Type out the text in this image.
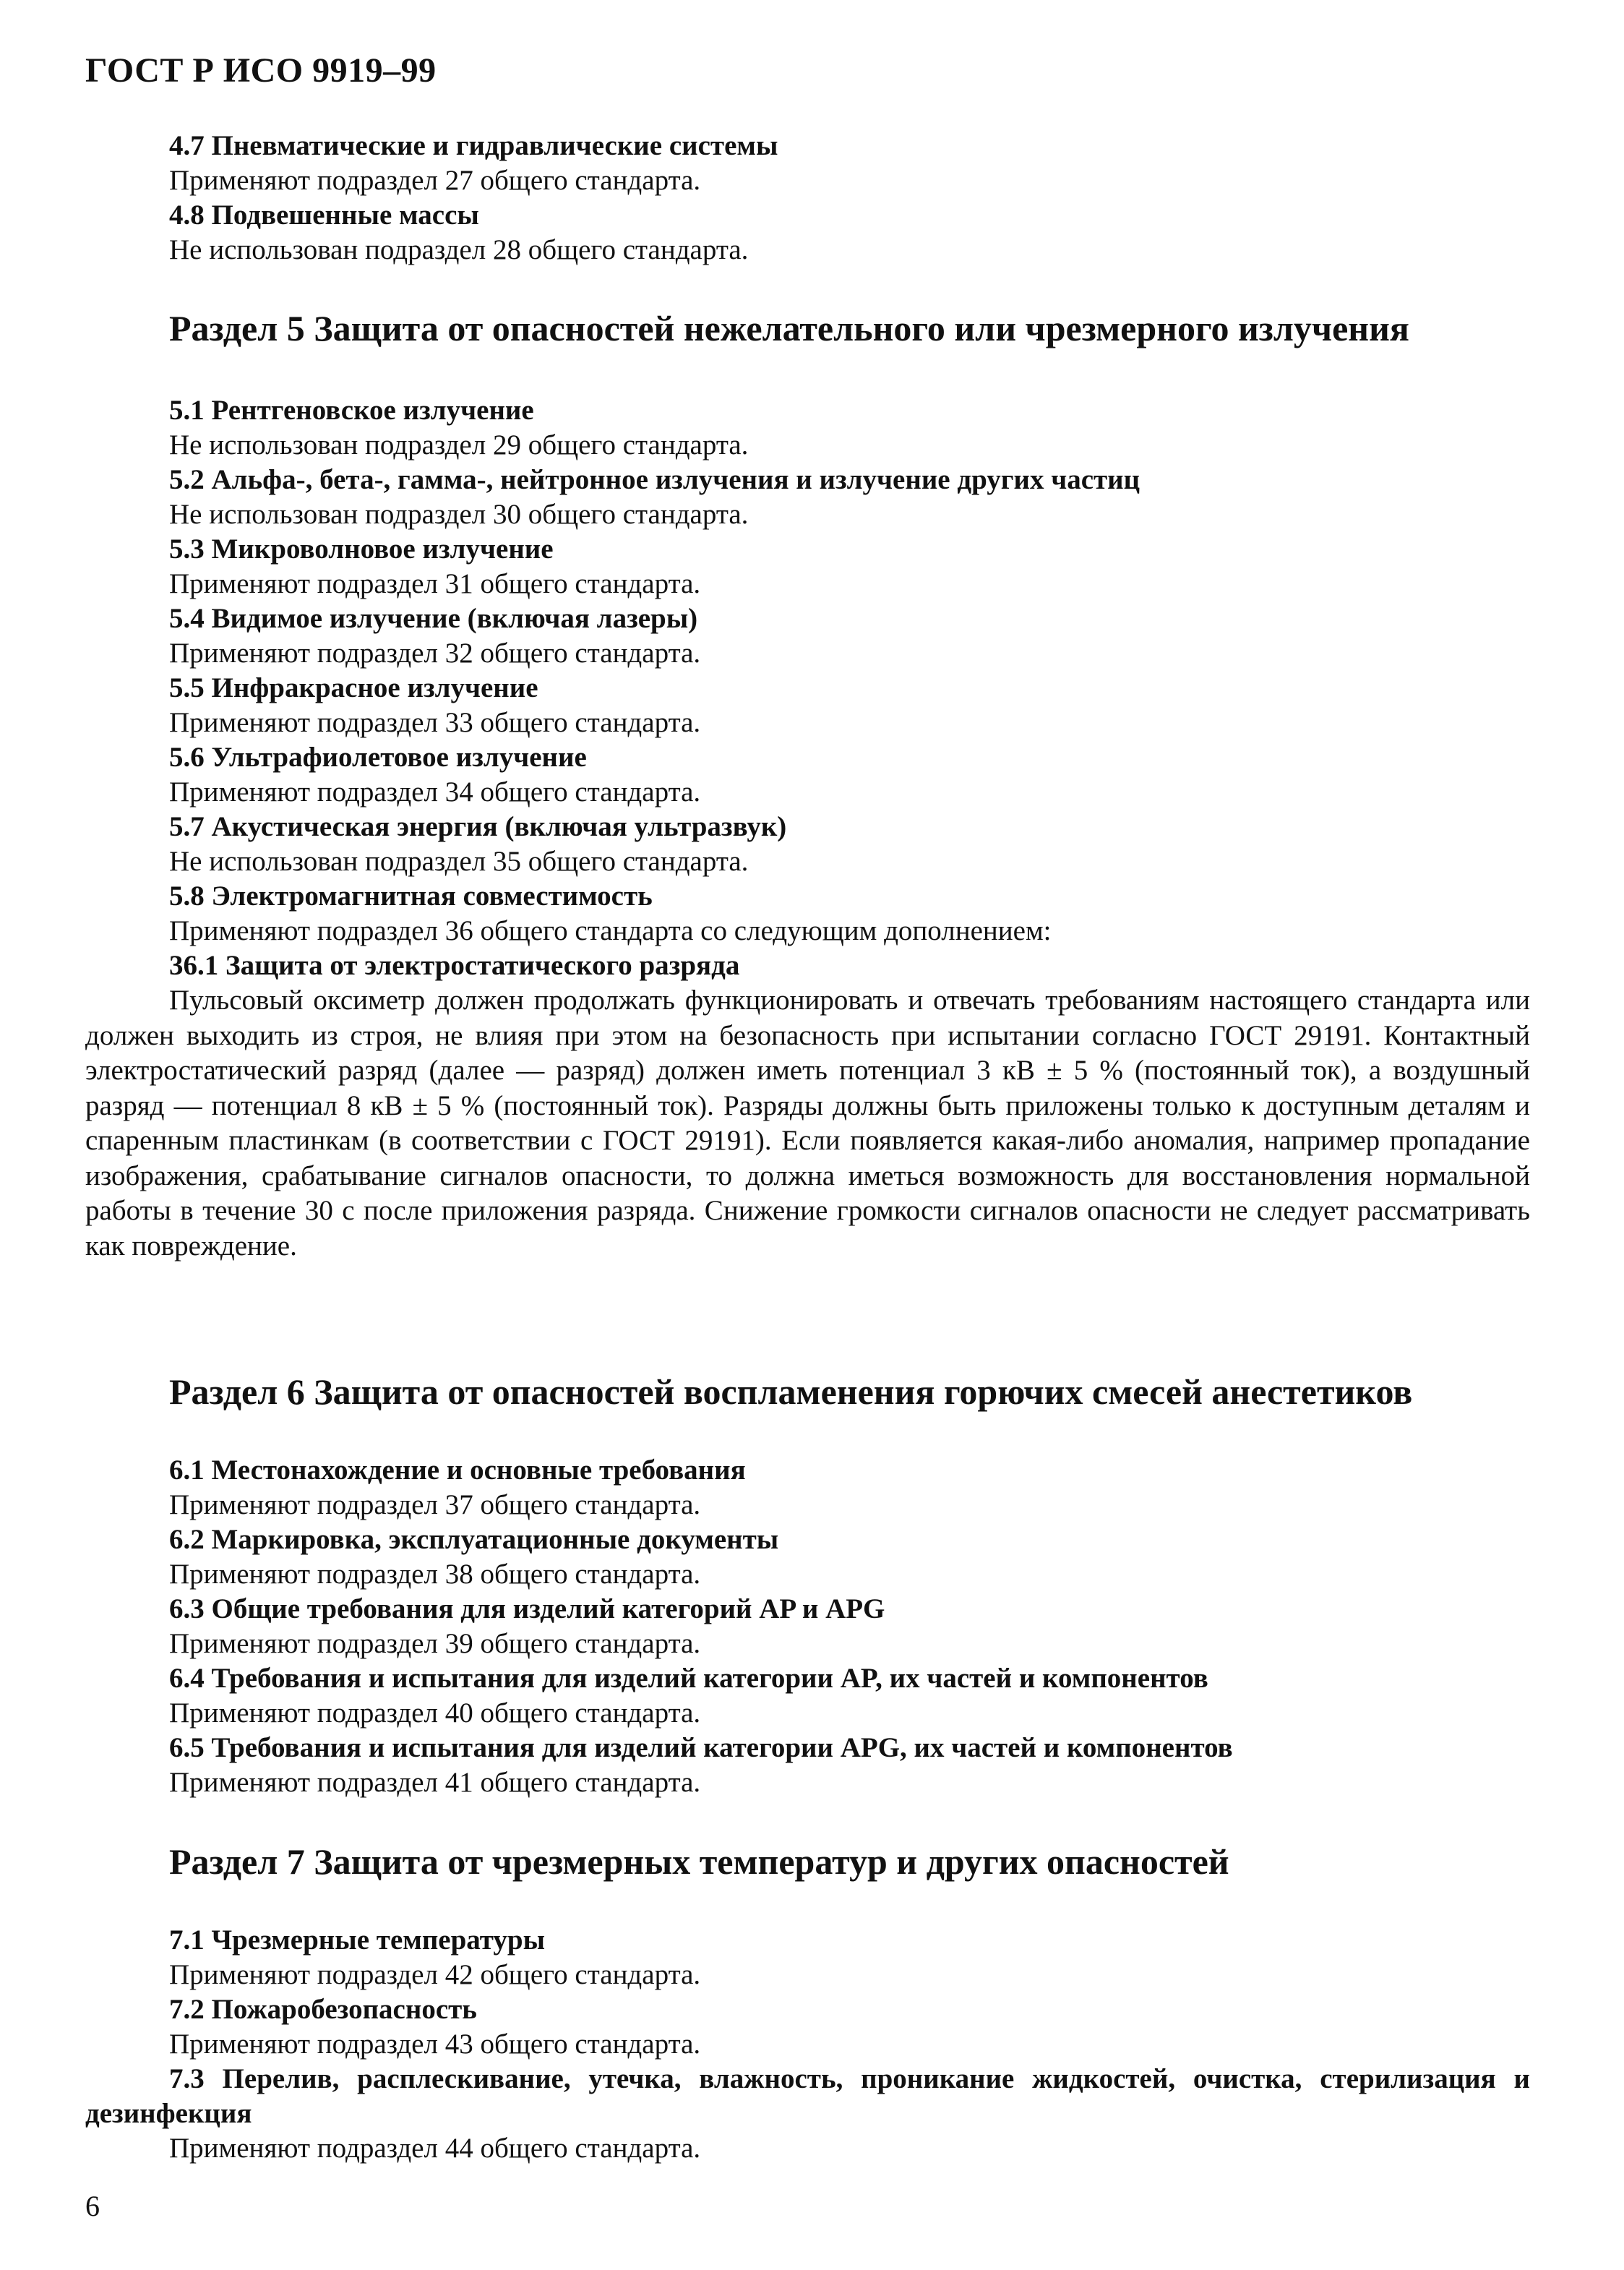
ГОСТ Р ИСО 9919–99
4.7 Пневматические и гидравлические системы
Применяют подраздел 27 общего стандарта.
4.8 Подвешенные массы
Не использован подраздел 28 общего стандарта.
Раздел 5 Защита от опасностей нежелательного или чрезмерного излучения
5.1 Рентгеновское излучение
Не использован подраздел 29 общего стандарта.
5.2 Альфа-, бета-, гамма-, нейтронное излучения и излучение других частиц
Не использован подраздел 30 общего стандарта.
5.3 Микроволновое излучение
Применяют подраздел 31 общего стандарта.
5.4 Видимое излучение (включая лазеры)
Применяют подраздел 32 общего стандарта.
5.5 Инфракрасное излучение
Применяют подраздел 33 общего стандарта.
5.6 Ультрафиолетовое излучение
Применяют подраздел 34 общего стандарта.
5.7 Акустическая энергия (включая ультразвук)
Не использован подраздел 35 общего стандарта.
5.8 Электромагнитная совместимость
Применяют подраздел 36 общего стандарта со следующим дополнением:
36.1 Защита от электростатического разряда

Пульсовый оксиметр должен продолжать функционировать и отвечать требованиям настоящего стандарта или должен выходить из строя, не влияя при этом на безопасность при испытании согласно ГОСТ 29191. Контактный электростатический разряд (далее — разряд) должен иметь потенциал 3 кВ ± 5 % (постоянный ток), а воздушный разряд — потенциал 8 кВ ± 5 % (постоянный ток). Разряды должны быть приложены только к доступным деталям и спаренным пластинкам (в соответствии с ГОСТ 29191). Если появляется какая-либо аномалия, например пропадание изображения, срабатывание сигналов опасности, то должна иметься возможность для восстановления нормальной работы в течение 30 с после приложения разряда. Снижение громкости сигналов опасности не следует рассматривать как повреждение.

Раздел 6 Защита от опасностей воспламенения горючих смесей анестетиков
6.1 Местонахождение и основные требования
Применяют подраздел 37 общего стандарта.
6.2 Маркировка, эксплуатационные документы
Применяют подраздел 38 общего стандарта.
6.3 Общие требования для изделий категорий AP и APG
Применяют подраздел 39 общего стандарта.
6.4 Требования и испытания для изделий категории AP, их частей и компонентов
Применяют подраздел 40 общего стандарта.
6.5 Требования и испытания для изделий категории APG, их частей и компонентов
Применяют подраздел 41 общего стандарта.
Раздел 7 Защита от чрезмерных температур и других опасностей
7.1 Чрезмерные температуры
Применяют подраздел 42 общего стандарта.
7.2 Пожаробезопасность
Применяют подраздел 43 общего стандарта.

7.3 Перелив, расплескивание, утечка, влажность, проникание жидкостей, очистка, стерилизация и дезинфекция

Применяют подраздел 44 общего стандарта.
6
